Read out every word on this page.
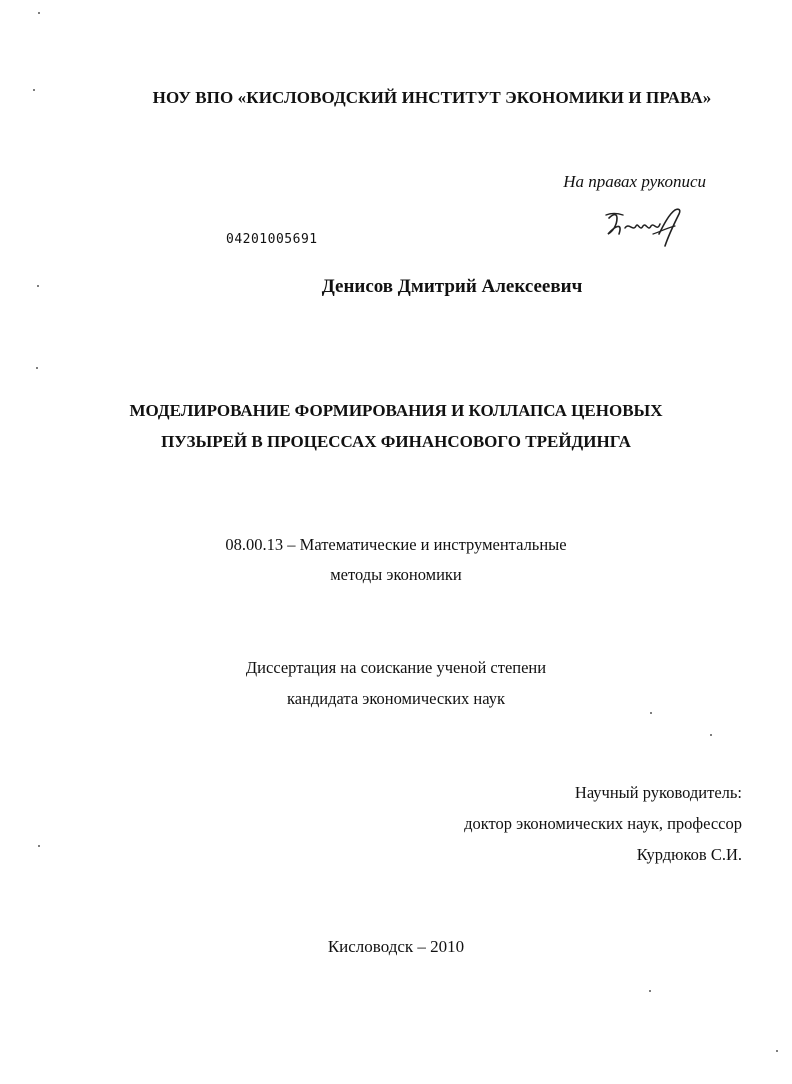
НОУ ВПО «КИСЛОВОДСКИЙ ИНСТИТУТ ЭКОНОМИКИ И ПРАВА»
На правах рукописи
04201005691
Денисов Дмитрий Алексеевич
МОДЕЛИРОВАНИЕ ФОРМИРОВАНИЯ И КОЛЛАПСА ЦЕНОВЫХ
ПУЗЫРЕЙ В ПРОЦЕССАХ ФИНАНСОВОГО ТРЕЙДИНГА
08.00.13 – Математические и инструментальные
методы экономики
Диссертация на соискание ученой степени
кандидата экономических наук
Научный руководитель:
доктор экономических наук, профессор
Курдюков С.И.
Кисловодск – 2010
